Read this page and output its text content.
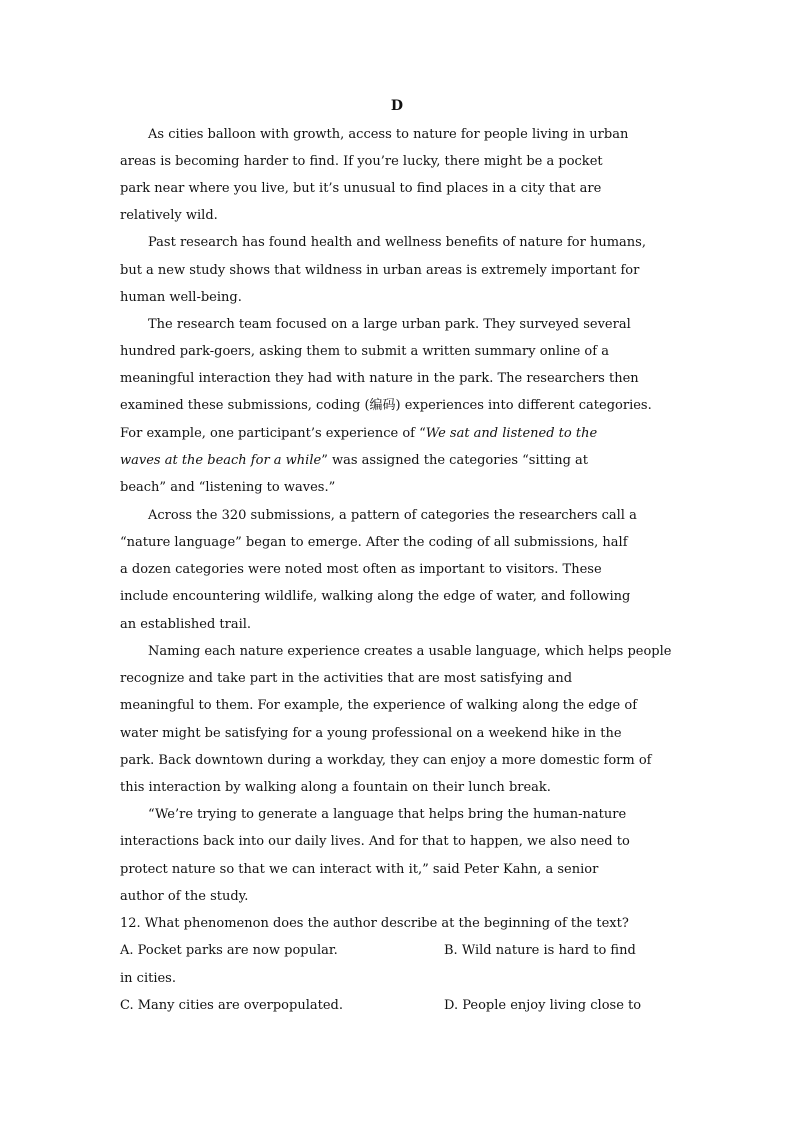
D
As cities balloon with growth, access to nature for people living in urban
areas is becoming harder to find. If you’re lucky, there might be a pocket
park near where you live, but it’s unusual to find places in a city that are
relatively wild.
Past research has found health and wellness benefits of nature for humans,
but a new study shows that wildness in urban areas is extremely important for
human well-being.
The research team focused on a large urban park. They surveyed several
hundred park-goers, asking them to submit a written summary online of a
meaningful interaction they had with nature in the park. The researchers then
examined these submissions, coding (编码) experiences into different categories.
For example, one participant’s experience of “We sat and listened to the
waves at the beach for a while” was assigned the categories “sitting at
beach” and “listening to waves.”
Across the 320 submissions, a pattern of categories the researchers call a
“nature language” began to emerge. After the coding of all submissions, half
a dozen categories were noted most often as important to visitors. These
include encountering wildlife, walking along the edge of water, and following
an established trail.
Naming each nature experience creates a usable language, which helps people
recognize and take part in the activities that are most satisfying and
meaningful to them. For example, the experience of walking along the edge of
water might be satisfying for a young professional on a weekend hike in the
park. Back downtown during a workday, they can enjoy a more domestic form of
this interaction by walking along a fountain on their lunch break.
“We’re trying to generate a language that helps bring the human-nature
interactions back into our daily lives. And for that to happen, we also need to
protect nature so that we can interact with it,” said Peter Kahn, a senior
author of the study.
12. What phenomenon does the author describe at the beginning of the text?
A. Pocket parks are now popular.	B. Wild nature is hard to find
in cities.
C. Many cities are overpopulated.	D. People enjoy living close to
